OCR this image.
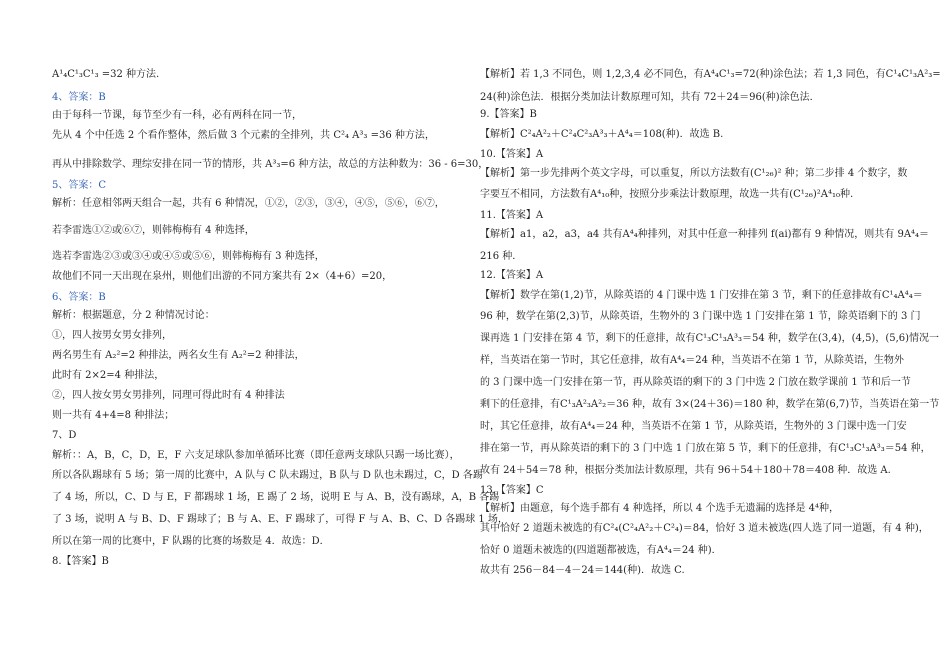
A¹₄C¹₃C¹₃ =32 种方法.
4、答案：B
由于每科一节课，每节至少有一科，必有两科在同一节，
先从 4 个中任选 2 个看作整体，然后做 3 个元素的全排列，共 C²₄ A³₃ =36 种方法，
再从中排除数学、理综安排在同一节的情形，共 A³₃=6 种方法，故总的方法种数为：36 - 6=30，
5、答案：C
解析：任意相邻两天组合一起，共有 6 种情况，①②，②③，③④，④⑤，⑤⑥，⑥⑦，
若李雷选①②或⑥⑦，则韩梅梅有 4 种选择，
选若李雷选②③或③④或④⑤或⑤⑥，则韩梅梅有 3 种选择，
故他们不同一天出现在泉州，则他们出游的不同方案共有 2×（4+6）=20，
6、答案：B
解析：根据题意，分 2 种情况讨论：
①，四人按男女男女排列，
两名男生有 A₂²=2 种排法，两名女生有 A₂²=2 种排法，
此时有 2×2=4 种排法，
②，四人按女男女男排列，同理可得此时有 4 种排法
则一共有 4+4=8 种排法；
7、D
解析：：A，B，C，D，E，F 六支足球队参加单循环比赛（即任意两支球队只踢一场比赛），
所以各队踢球有 5 场；第一周的比赛中，A 队与 C 队未踢过，B 队与 D 队也未踢过，C，D 各踢
了 4 场，所以，C、D 与 E，F 都踢球 1 场，E 踢了 2 场，说明 E 与 A、B，没有踢球，A，B 各踢
了 3 场，说明 A 与 B、D、F 踢球了；B 与 A、E、F 踢球了，可得 F 与 A、B、C、D 各踢球 1 场，
所以在第一周的比赛中，F 队踢的比赛的场数是 4．故选：D．
8.【答案】B
【解析】若 1,3 不同色，则 1,2,3,4 必不同色，有A⁴₄C¹₃=72(种)涂色法；若 1,3 同色，有C¹₄C¹₃A²₃=
24(种)涂色法．根据分类加法计数原理可知，共有 72＋24＝96(种)涂色法．
9.【答案】B
【解析】C²₄A²₂＋C²₄C²₃A³₃＋A⁴₄＝108(种)．故选 B.
10.【答案】A
【解析】第一步先排两个英文字母，可以重复，所以方法数有(C¹₂₆)² 种；第二步排 4 个数字，数
字要互不相同，方法数有A⁴₁₀种，按照分步乘法计数原理，故选一共有(C¹₂₆)²A⁴₁₀种.
11.【答案】A
【解析】a1，a2，a3，a4 共有A⁴₄种排列，对其中任意一种排列 f(ai)都有 9 种情况，则共有 9A⁴₄＝
216 种．
12.【答案】A
【解析】数学在第(1,2)节，从除英语的 4 门课中选 1 门安排在第 3 节，剩下的任意排故有C¹₄A⁴₄＝
96 种，数学在第(2,3)节，从除英语，生物外的 3 门课中选 1 门安排在第 1 节，除英语剩下的 3 门
课再选 1 门安排在第 4 节，剩下的任意排，故有C¹₃C¹₃A³₃＝54 种，数学在(3,4)，(4,5)，(5,6)情况一
样，当英语在第一节时，其它任意排，故有A⁴₄＝24 种，当英语不在第 1 节，从除英语，生物外
的 3 门课中选一门安排在第一节，再从除英语的剩下的 3 门中选 2 门放在数学课前 1 节和后一节
剩下的任意排，有C¹₃A²₃A²₂＝36 种，故有 3×(24＋36)＝180 种，数学在第(6,7)节，当英语在第一节
时，其它任意排，故有A⁴₄＝24 种，当英语不在第 1 节，从除英语，生物外的 3 门课中选一门安
排在第一节，再从除英语的剩下的 3 门中选 1 门放在第 5 节，剩下的任意排，有C¹₃C¹₃A³₃＝54 种，
故有 24＋54＝78 种，根据分类加法计数原理，共有 96＋54＋180＋78＝408 种．故选 A.
13.【答案】C
【解析】由题意，每个选手都有 4 种选择，所以 4 个选手无遗漏的选择是 4⁴种，
其中恰好 2 道题未被选的有C²₄(C²₄A²₂＋C²₄)＝84，恰好 3 道未被选(四人选了同一道题，有 4 种)，
恰好 0 道题未被选的(四道题都被选，有A⁴₄＝24 种)．
故共有 256－84－4－24＝144(种)．故选 C.
